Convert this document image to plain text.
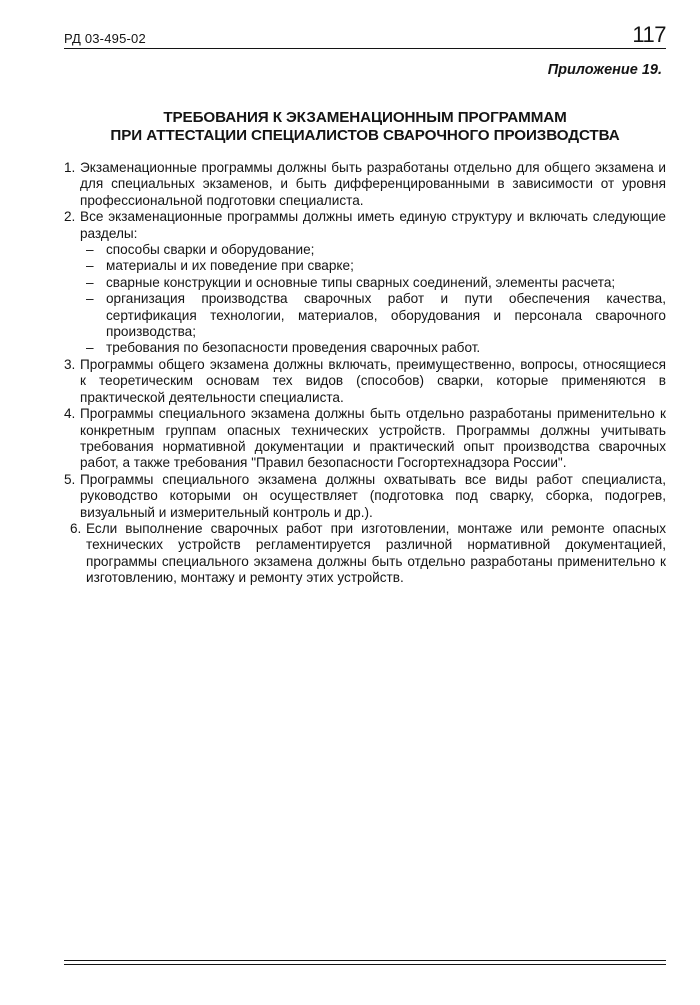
РД 03-495-02	117
Приложение 19.
ТРЕБОВАНИЯ К ЭКЗАМЕНАЦИОННЫМ ПРОГРАММАМ
ПРИ АТТЕСТАЦИИ СПЕЦИАЛИСТОВ СВАРОЧНОГО ПРОИЗВОДСТВА
1. Экзаменационные программы должны быть разработаны отдельно для общего экзамена и для специальных экзаменов, и быть дифференцированными в зависимости от уровня профессиональной подготовки специалиста.
2. Все экзаменационные программы должны иметь единую структуру и включать следующие разделы:
– способы сварки и оборудование;
– материалы и их поведение при сварке;
– сварные конструкции и основные типы сварных соединений, элементы расчета;
– организация производства сварочных работ и пути обеспечения качества, сертификация технологии, материалов, оборудования и персонала сварочного производства;
– требования по безопасности проведения сварочных работ.
3. Программы общего экзамена должны включать, преимущественно, вопросы, относящиеся к теоретическим основам тех видов (способов) сварки, которые применяются в практической деятельности специалиста.
4. Программы специального экзамена должны быть отдельно разработаны применительно к конкретным группам опасных технических устройств. Программы должны учитывать требования нормативной документации и практический опыт производства сварочных работ, а также требования "Правил безопасности Госгортехнадзора России".
5. Программы специального экзамена должны охватывать все виды работ специалиста, руководство которыми он осуществляет (подготовка под сварку, сборка, подогрев, визуальный и измерительный контроль и др.).
6. Если выполнение сварочных работ при изготовлении, монтаже или ремонте опасных технических устройств регламентируется различной нормативной документацией, программы специального экзамена должны быть отдельно разработаны применительно к изготовлению, монтажу и ремонту этих устройств.
